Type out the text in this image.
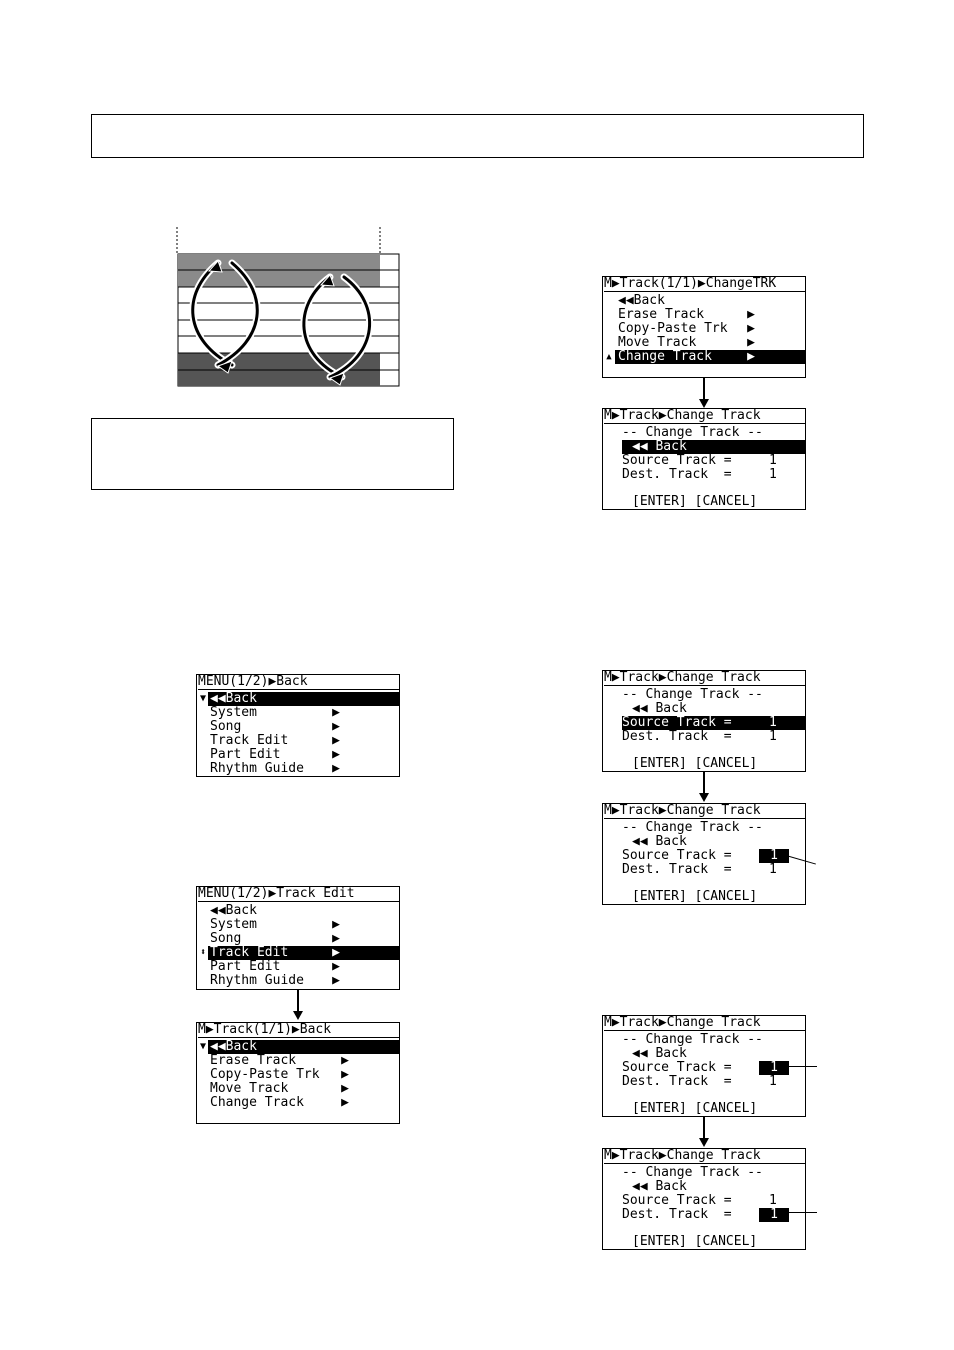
M▶Track(1/1)▶ChangeTRK
◀◀Back
Erase Track	▶
Copy-Paste Trk	▶
Move Track	▶
Change Track	▶
▲
M▶Track▶Change Track
-- Change Track --
◀◀ Back
Source Track =	1
Dest. Track  =	1
[ENTER] [CANCEL]
M▶Track▶Change Track
-- Change Track --
◀◀ Back
Source Track =	1
Dest. Track  =	1
[ENTER] [CANCEL]
M▶Track▶Change Track
-- Change Track --
◀◀ Back
Source Track =	1
Dest. Track  =	1
[ENTER] [CANCEL]
M▶Track▶Change Track
-- Change Track --
◀◀ Back
Source Track =	1
Dest. Track  =	1
[ENTER] [CANCEL]
M▶Track▶Change Track
-- Change Track --
◀◀ Back
Source Track =	1
Dest. Track  =	1
[ENTER] [CANCEL]
MENU(1/2)▶Back
◀◀Back
▼
System	▶
Song	▶
Track Edit	▶
Part Edit	▶
Rhythm Guide	▶
MENU(1/2)▶Track Edit
◀◀Back
System	▶
Song	▶
Track Edit	▶
⬍
Part Edit	▶
Rhythm Guide	▶
M▶Track(1/1)▶Back
◀◀Back
▼
Erase Track	▶
Copy-Paste Trk	▶
Move Track	▶
Change Track	▶
